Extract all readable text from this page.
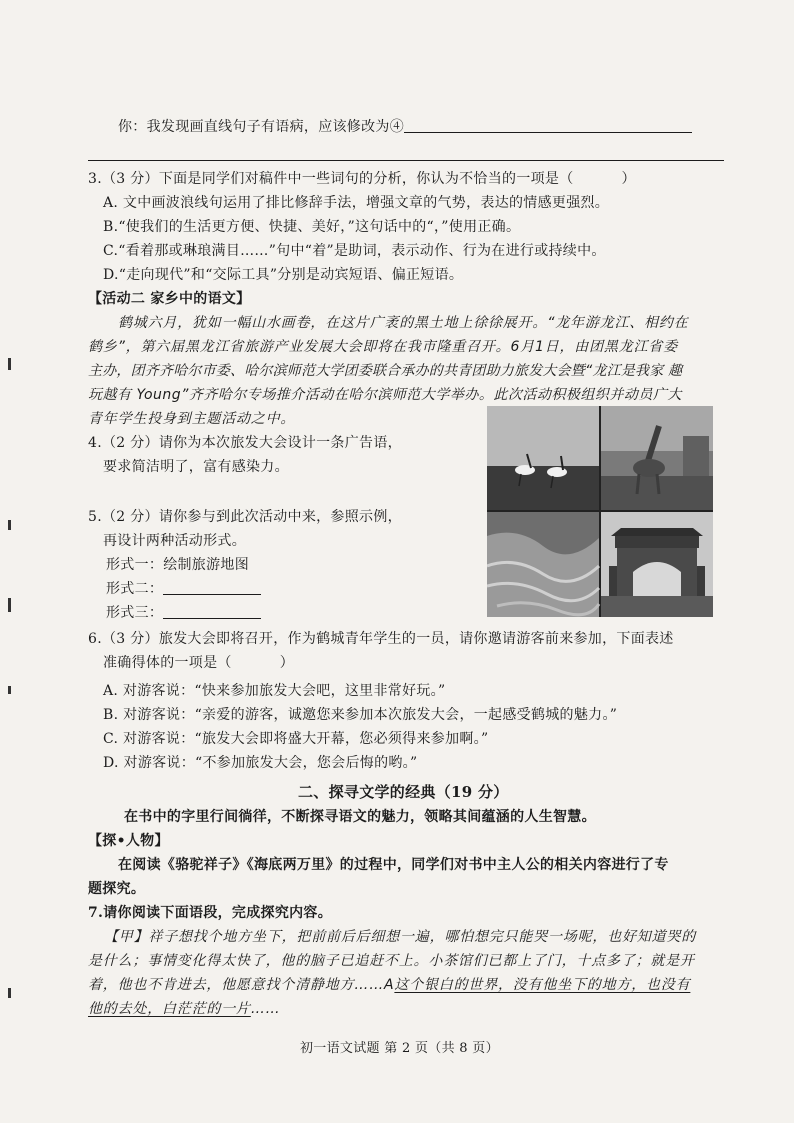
你：我发现画直线句子有语病，应该修改为④
3.（3 分）下面是同学们对稿件中一些词句的分析，你认为不恰当的一项是（	）
A. 文中画波浪线句运用了排比修辞手法，增强文章的气势，表达的情感更强烈。
B.“使我们的生活更方便、快捷、美好，”这句话中的“，”使用正确。
C.“看着那或琳琅满目……”句中“着”是助词，表示动作、行为在进行或持续中。
D.“走向现代”和“交际工具”分别是动宾短语、偏正短语。
【活动二 家乡中的语文】
鹤城六月，犹如一幅山水画卷，在这片广袤的黑土地上徐徐展开。“龙年游龙江、相约在
鹤乡”，第六届黑龙江省旅游产业发展大会即将在我市隆重召开。6月1日，由团黑龙江省委
主办，团齐齐哈尔市委、哈尔滨师范大学团委联合承办的共青团助力旅发大会暨“龙江是我家 趣
玩越有 Young”齐齐哈尔专场推介活动在哈尔滨师范大学举办。此次活动积极组织并动员广大
青年学生投身到主题活动之中。
4.（2 分）请你为本次旅发大会设计一条广告语，
要求简洁明了，富有感染力。
5.（2 分）请你参与到此次活动中来，参照示例，
再设计两种活动形式。
形式一：绘制旅游地图
形式二：
形式三：
6.（3 分）旅发大会即将召开，作为鹤城青年学生的一员，请你邀请游客前来参加，下面表述
准确得体的一项是（	）
A. 对游客说：“快来参加旅发大会吧，这里非常好玩。”
B. 对游客说：“亲爱的游客，诚邀您来参加本次旅发大会，一起感受鹤城的魅力。”
C. 对游客说：“旅发大会即将盛大开幕，您必须得来参加啊。”
D. 对游客说：“不参加旅发大会，您会后悔的哟。”
二、探寻文学的经典（19 分）
在书中的字里行间徜徉，不断探寻语文的魅力，领略其间蕴涵的人生智慧。
【探•人物】
在阅读《骆驼祥子》《海底两万里》的过程中，同学们对书中主人公的相关内容进行了专
题探究。
7.请你阅读下面语段，完成探究内容。
【甲】祥子想找个地方坐下，把前前后后细想一遍，哪怕想完只能哭一场呢，也好知道哭的
是什么；事情变化得太快了，他的脑子已追赶不上。小茶馆们已都上了门，十点多了；就是开
着，他也不肯进去，他愿意找个清静地方……A这个银白的世界，没有他坐下的地方，也没有
他的去处，白茫茫的一片……
初一语文试题 第 2 页（共 8 页）
